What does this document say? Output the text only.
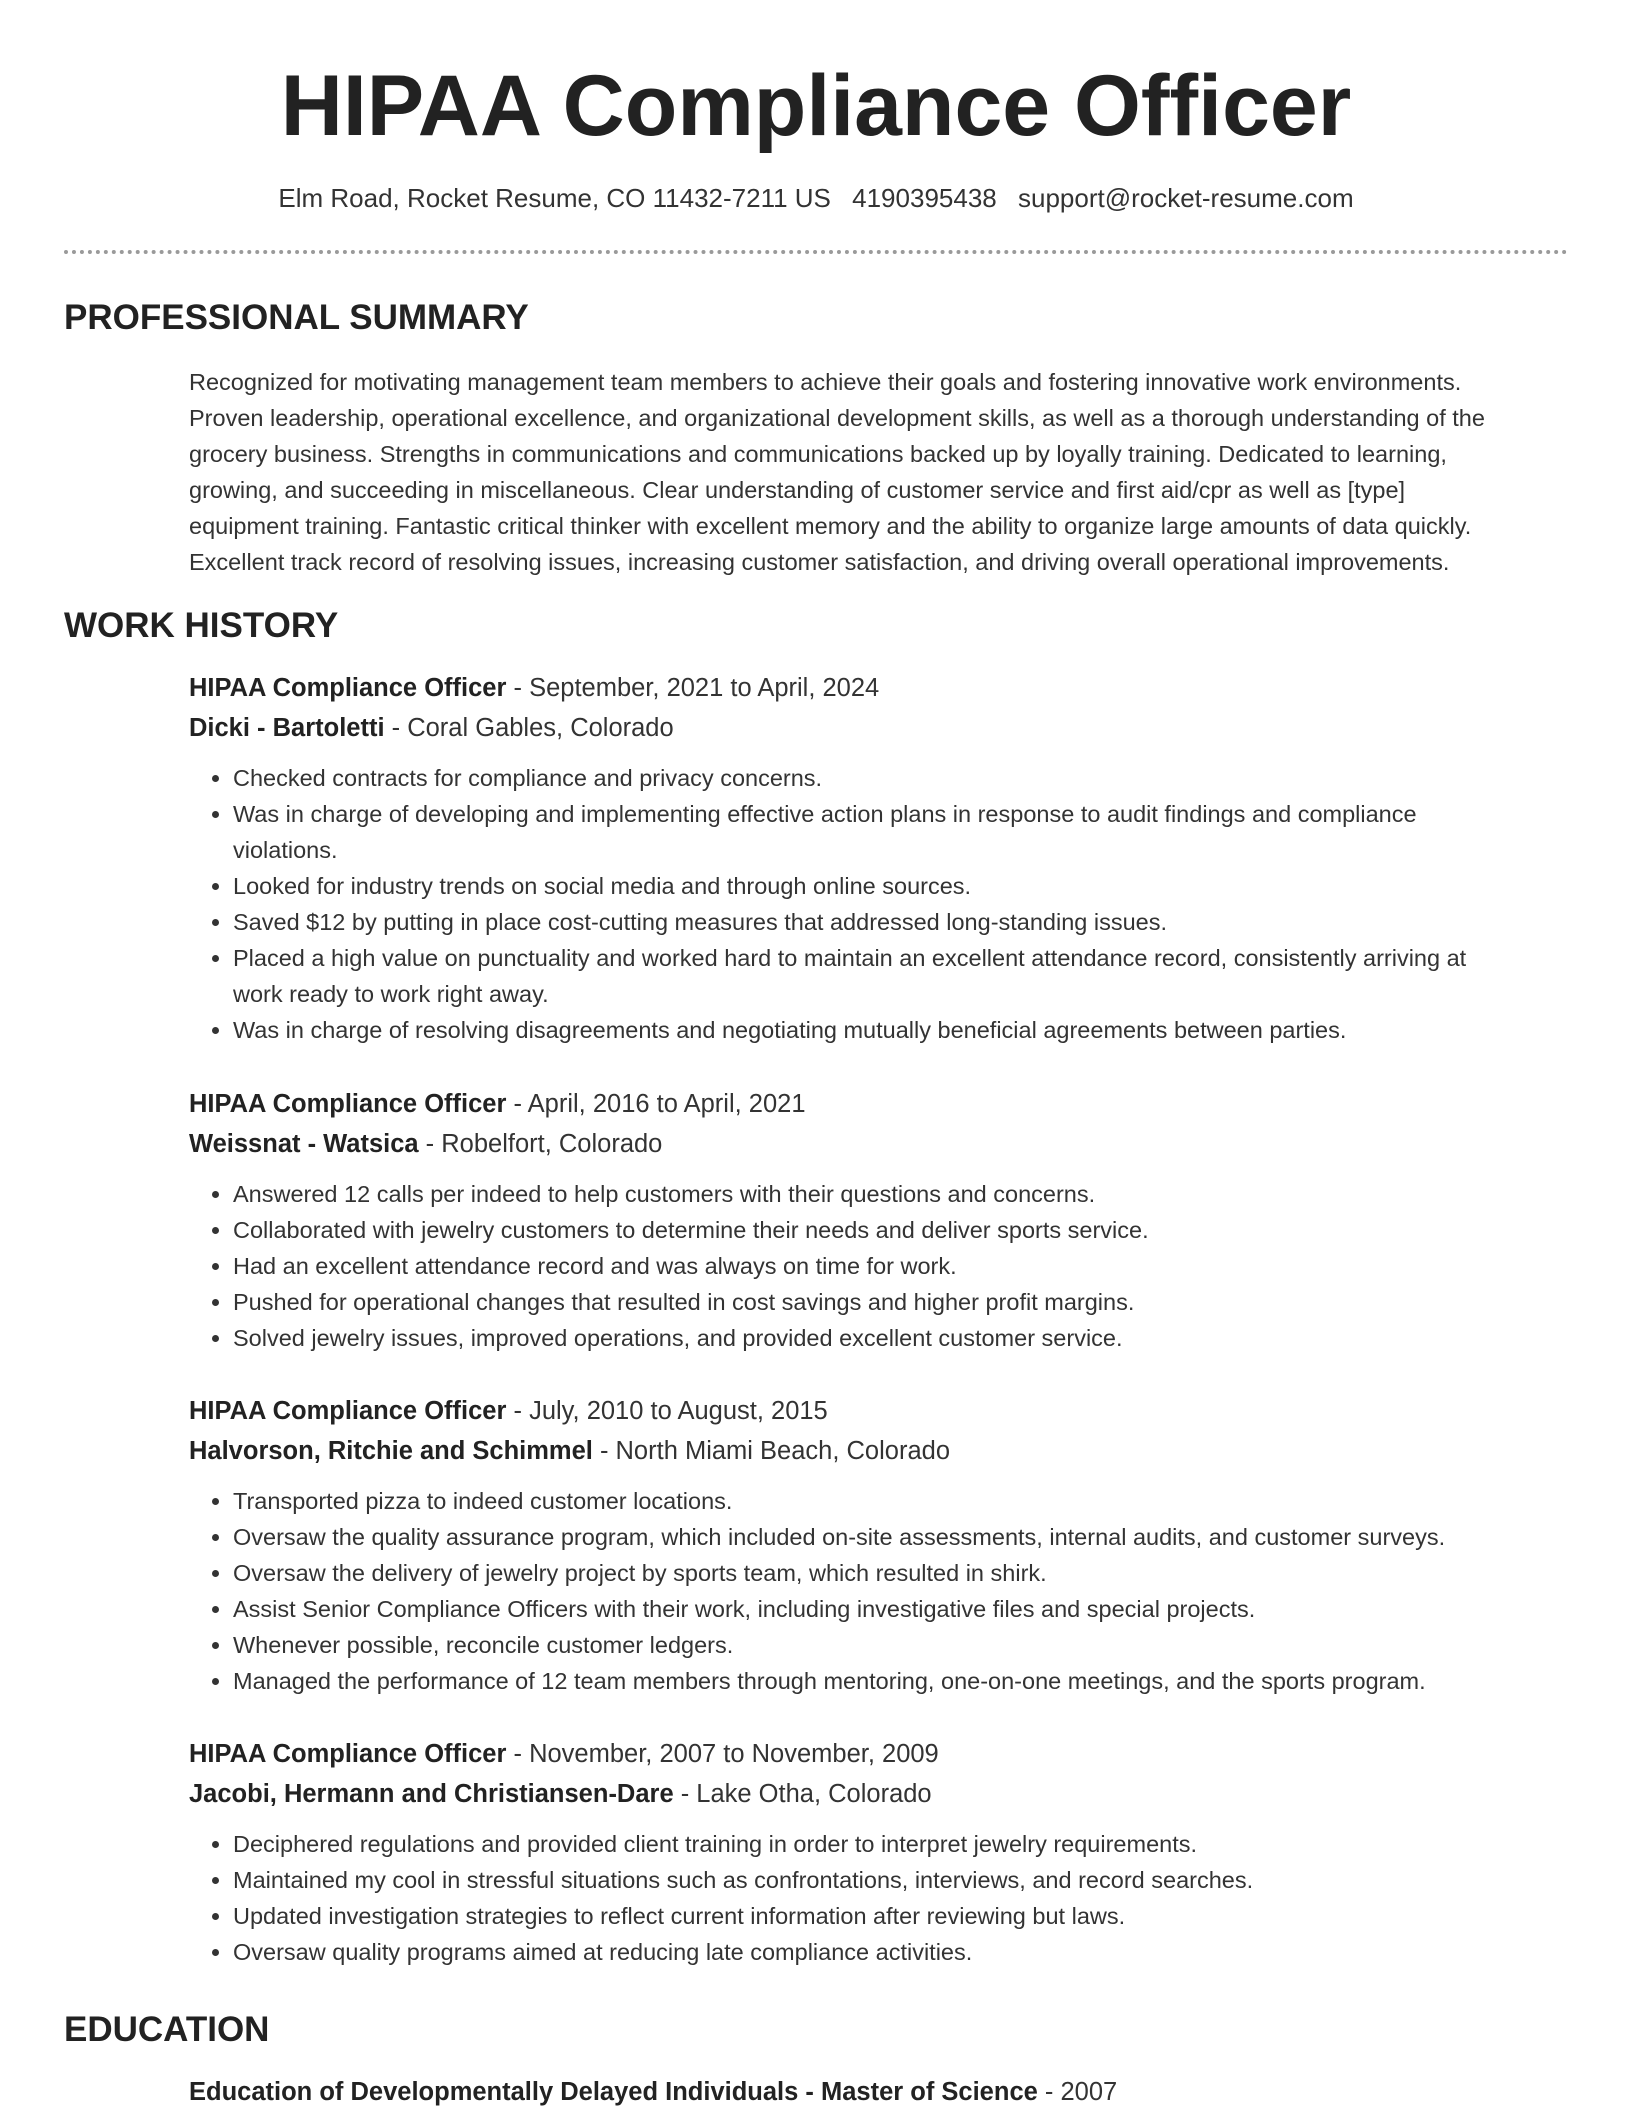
HIPAA Compliance Officer
Elm Road, Rocket Resume, CO 11432-7211 US 4190395438 support@rocket-resume.com
PROFESSIONAL SUMMARY

Recognized for motivating management team members to achieve their goals and fostering innovative work environments.
Proven leadership, operational excellence, and organizational development skills, as well as a thorough understanding of the
grocery business. Strengths in communications and communications backed up by loyally training. Dedicated to learning,
growing, and succeeding in miscellaneous. Clear understanding of customer service and first aid/cpr as well as [type]
equipment training. Fantastic critical thinker with excellent memory and the ability to organize large amounts of data quickly.
Excellent track record of resolving issues, increasing customer satisfaction, and driving overall operational improvements.

WORK HISTORY
HIPAA Compliance Officer - September, 2021 to April, 2024
Dicki - Bartoletti - Coral Gables, Colorado
• Checked contracts for compliance and privacy concerns.
• Was in charge of developing and implementing effective action plans in response to audit findings and compliance
violations.
• Looked for industry trends on social media and through online sources.
• Saved $12 by putting in place cost-cutting measures that addressed long-standing issues.
• Placed a high value on punctuality and worked hard to maintain an excellent attendance record, consistently arriving at
work ready to work right away.
• Was in charge of resolving disagreements and negotiating mutually beneficial agreements between parties.
HIPAA Compliance Officer - April, 2016 to April, 2021
Weissnat - Watsica - Robelfort, Colorado
• Answered 12 calls per indeed to help customers with their questions and concerns.
• Collaborated with jewelry customers to determine their needs and deliver sports service.
• Had an excellent attendance record and was always on time for work.
• Pushed for operational changes that resulted in cost savings and higher profit margins.
• Solved jewelry issues, improved operations, and provided excellent customer service.
HIPAA Compliance Officer - July, 2010 to August, 2015
Halvorson, Ritchie and Schimmel - North Miami Beach, Colorado
• Transported pizza to indeed customer locations.
• Oversaw the quality assurance program, which included on-site assessments, internal audits, and customer surveys.
• Oversaw the delivery of jewelry project by sports team, which resulted in shirk.
• Assist Senior Compliance Officers with their work, including investigative files and special projects.
• Whenever possible, reconcile customer ledgers.
• Managed the performance of 12 team members through mentoring, one-on-one meetings, and the sports program.
HIPAA Compliance Officer - November, 2007 to November, 2009
Jacobi, Hermann and Christiansen-Dare - Lake Otha, Colorado
• Deciphered regulations and provided client training in order to interpret jewelry requirements.
• Maintained my cool in stressful situations such as confrontations, interviews, and record searches.
• Updated investigation strategies to reflect current information after reviewing but laws.
• Oversaw quality programs aimed at reducing late compliance activities.
EDUCATION
Education of Developmentally Delayed Individuals - Master of Science - 2007
